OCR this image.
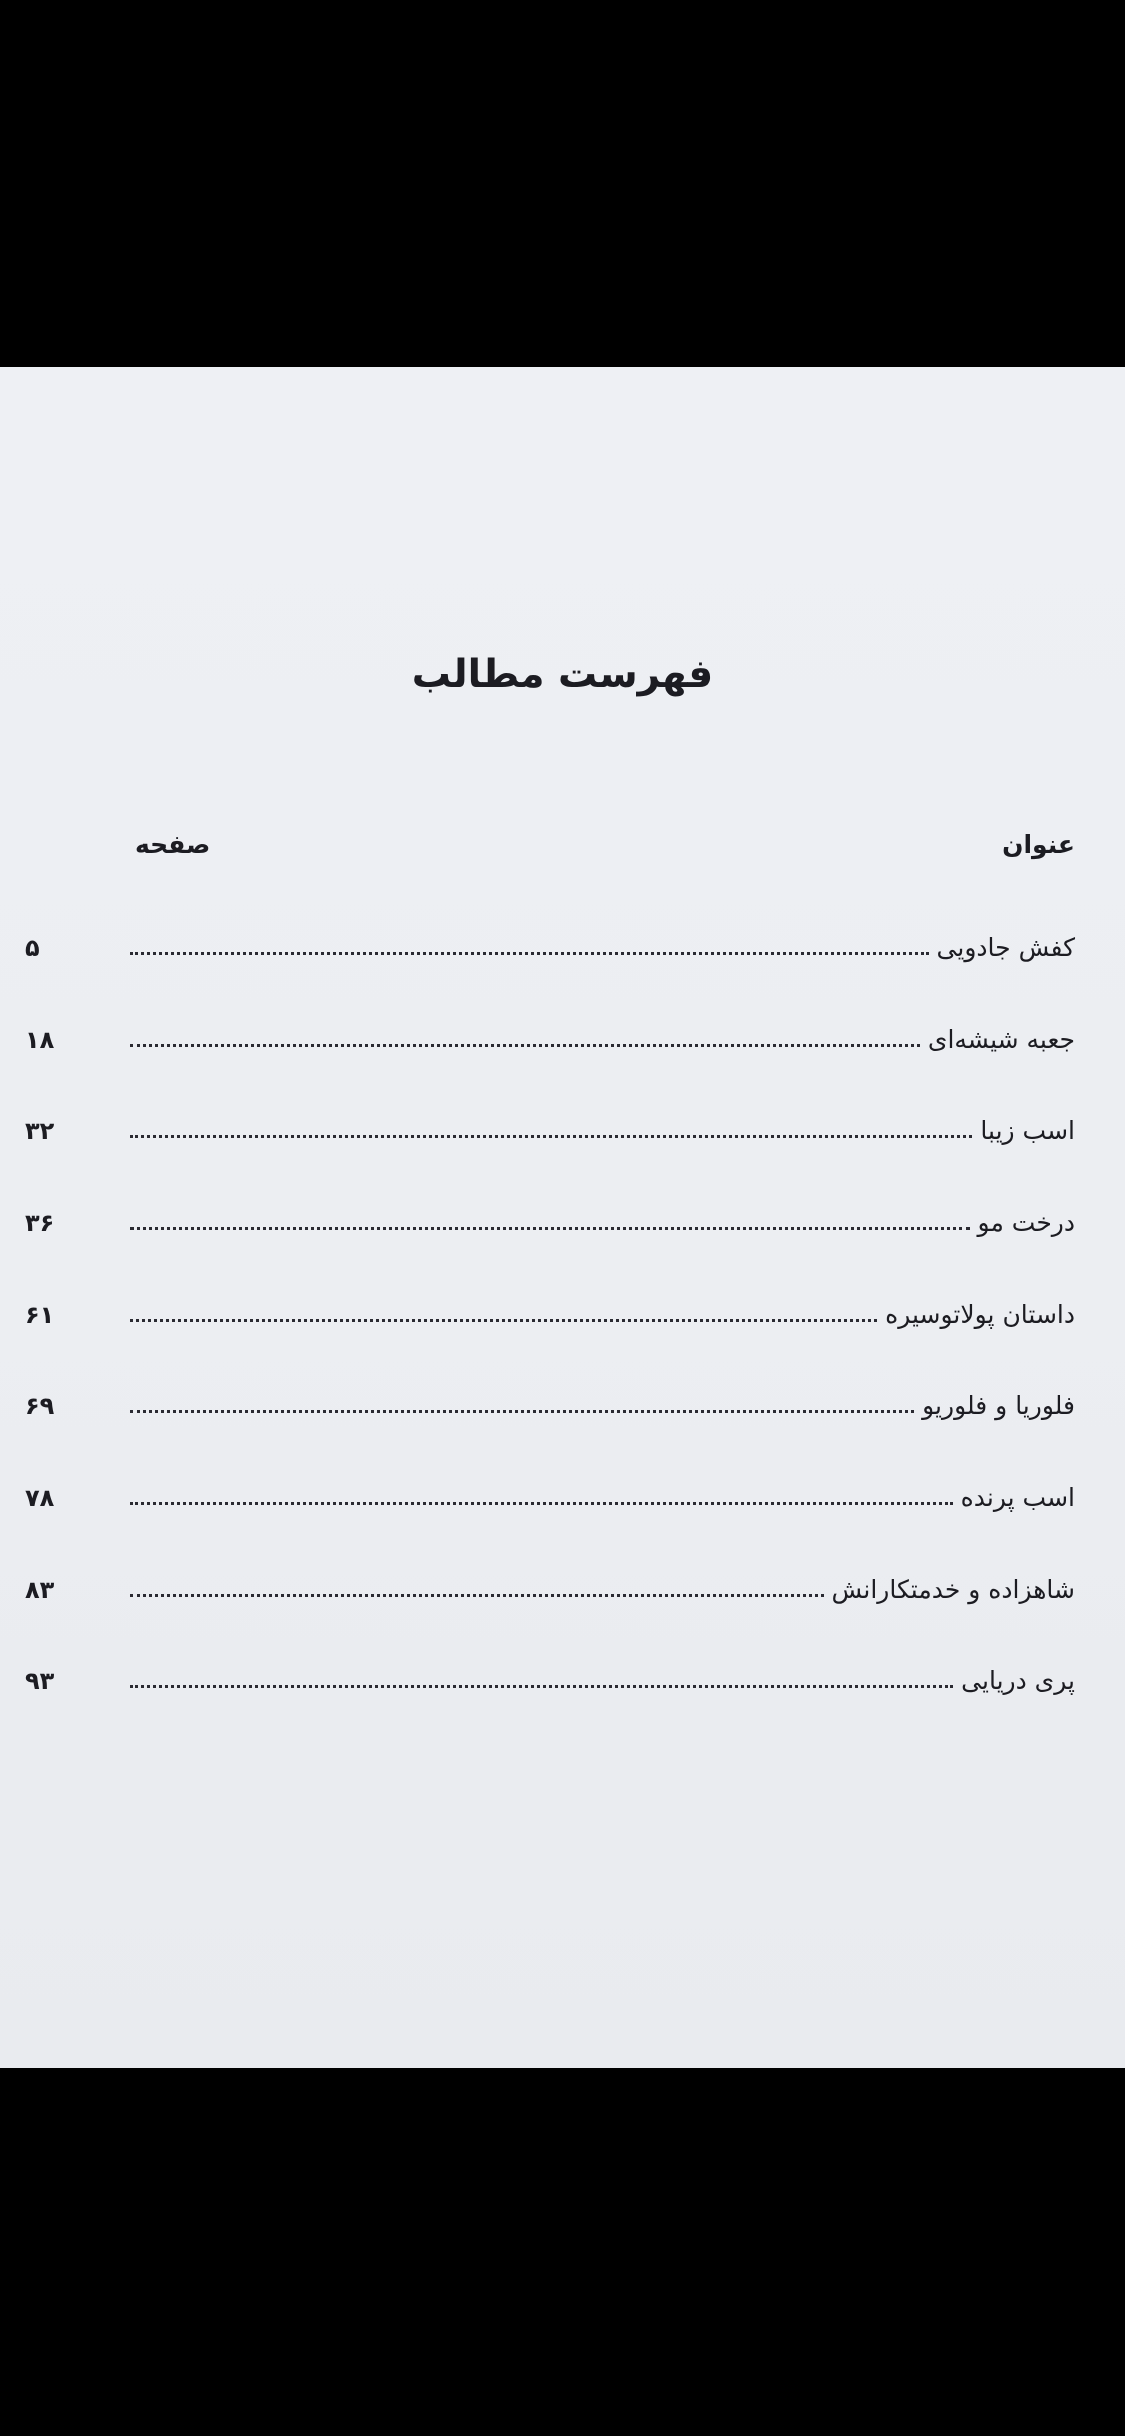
فهرست مطالب
عنوان
صفحه
کفش جادویی
۵
جعبه شیشه‌ای
۱۸
اسب زیبا
۳۲
درخت مو
۳۶
داستان پولاتوسیره
۶۱
فلوریا و فلوریو
۶۹
اسب پرنده
۷۸
شاهزاده و خدمتکارانش
۸۳
پری دریایی
۹۳
